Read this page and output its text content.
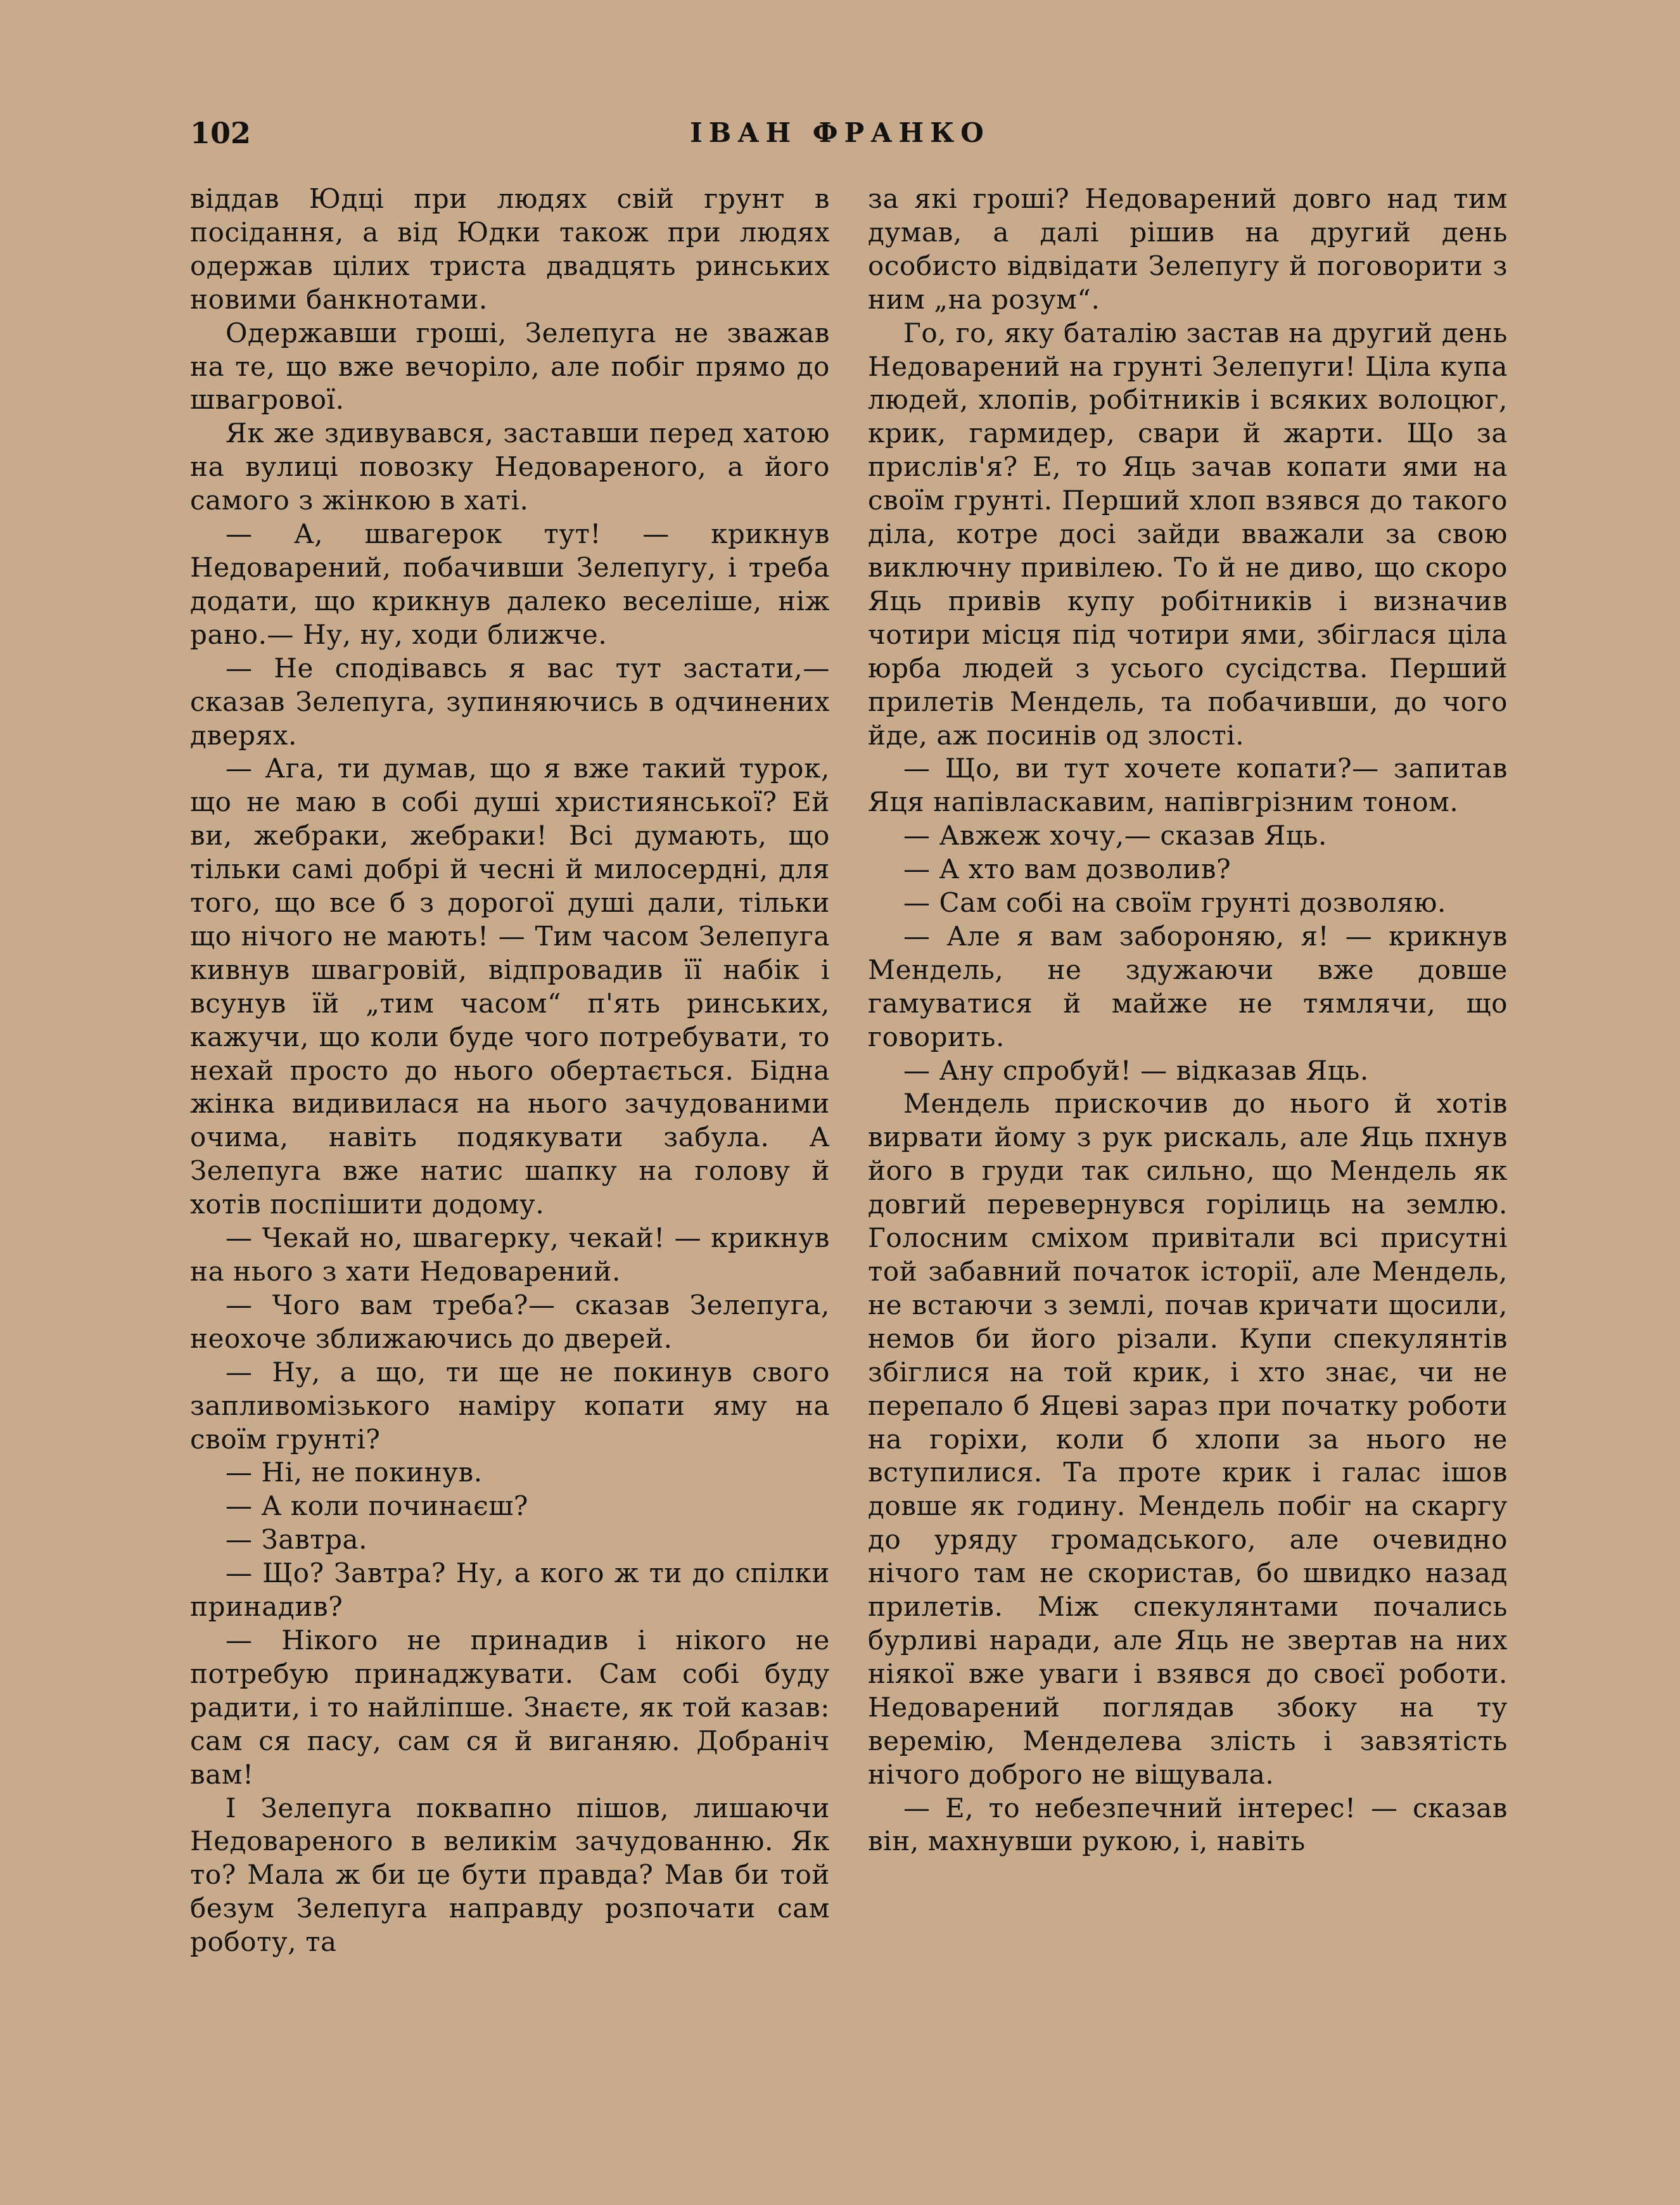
102	ІВАН ФРАНКО

віддав Юдці при людях свій грунт в посідання, а від Юдки також при людях одержав цілих триста двадцять ринських новими банкнотами.

Одержавши гроші, Зелепуга не зважав на те, що вже вечоріло, але побіг прямо до швагрової.

Як же здивувався, заставши перед хатою на вулиці повозку Недовареного, а його самого з жінкою в хаті.

— А, швагерок тут! — крикнув Недоварений, побачивши Зелепугу, і треба додати, що крикнув далеко веселіше, ніж рано.— Ну, ну, ходи ближче.

— Не сподівавсь я вас тут застати,— сказав Зелепуга, зупиняючись в одчинених дверях.

— Ага, ти думав, що я вже такий турок, що не маю в собі душі християнської? Ей ви, жебраки, жебраки! Всі думають, що тільки самі добрі й чесні й милосердні, для того, що все б з дорогої душі дали, тільки що нічого не мають! — Тим часом Зелепуга кивнув швагровій, відпровадив її набік і всунув їй „тим часом“ п'ять ринських, кажучи, що коли буде чого потребувати, то нехай просто до нього обертається. Бідна жінка видивилася на нього зачудованими очима, навіть подякувати забула. А Зелепуга вже натис шапку на голову й хотів поспішити додому.

— Чекай но, швагерку, чекай! — крикнув на нього з хати Недоварений.

— Чого вам треба?— сказав Зелепуга, неохоче зближаючись до дверей.

— Ну, а що, ти ще не покинув свого запливомізького наміру копати яму на своїм грунті?

— Ні, не покинув.

— А коли починаєш?

— Завтра.

— Що? Завтра? Ну, а кого ж ти до спілки принадив?

— Нікого не принадив і нікого не потребую принаджувати. Сам собі буду радити, і то найліпше. Знаєте, як той казав: сам ся пасу, сам ся й виганяю. Добраніч вам!

І Зелепуга поквапно пішов, лишаючи Недовареного в великім зачудованню. Як то? Мала ж би це бути правда? Мав би той безум Зелепуга направду розпочати сам роботу, та

за які гроші? Недоварений довго над тим думав, а далі рішив на другий день особисто відвідати Зелепугу й поговорити з ним „на розум“.

Го, го, яку баталію застав на другий день Недоварений на грунті Зелепуги! Ціла купа людей, хлопів, робітників і всяких волоцюг, крик, гармидер, свари й жарти. Що за прислів'я? Е, то Яць зачав копати ями на своїм грунті. Перший хлоп взявся до такого діла, котре досі зайди вважали за свою виключну привілею. То й не диво, що скоро Яць привів купу робітників і визначив чотири місця під чотири ями, збіглася ціла юрба людей з усього сусідства. Перший прилетів Мендель, та побачивши, до чого йде, аж посинів од злості.

— Що, ви тут хочете копати?— запитав Яця напівласкавим, напівгрізним тоном.

— Авжеж хочу,— сказав Яць.

— А хто вам дозволив?

— Сам собі на своїм грунті дозволяю.

— Але я вам забороняю, я! — крикнув Мендель, не здужаючи вже довше гамуватися й майже не тямлячи, що говорить.

— Ану спробуй! — відказав Яць.

Мендель прискочив до нього й хотів вирвати йому з рук рискаль, але Яць пхнув його в груди так сильно, що Мендель як довгий перевернувся горілиць на землю. Голосним сміхом привітали всі присутні той забавний початок історії, але Мендель, не встаючи з землі, почав кричати щосили, немов би його різали. Купи спекулянтів збіглися на той крик, і хто знає, чи не перепало б Яцеві зараз при початку роботи на горіхи, коли б хлопи за нього не вступилися. Та проте крик і галас ішов довше як годину. Мендель побіг на скаргу до уряду громадського, але очевидно нічого там не скористав, бо швидко назад прилетів. Між спекулянтами почались бурливі наради, але Яць не звертав на них ніякої вже уваги і взявся до своєї роботи. Недоварений поглядав збоку на ту веремію, Менделева злість і завзятість нічого доброго не віщувала.

— Е, то небезпечний інтерес! — сказав він, махнувши рукою, і, навіть
